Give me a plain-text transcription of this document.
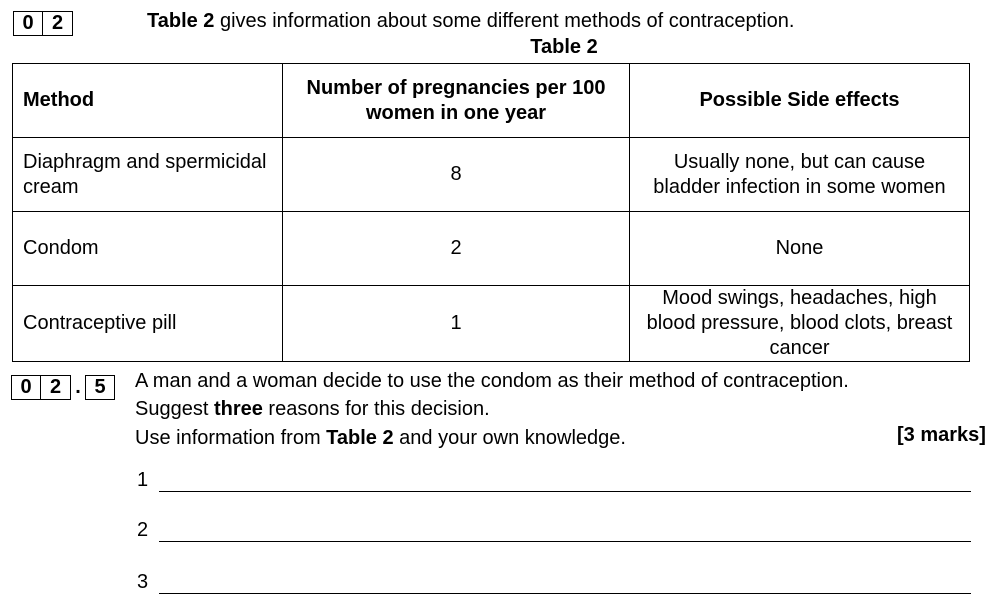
0 2	Table 2 gives information about some different methods of contraception.
Table 2
Method	Number of pregnancies per 100 women in one year	Possible Side effects
Diaphragm and spermicidal cream	8	Usually none, but can cause bladder infection in some women
Condom	2	None
Contraceptive pill	1	Mood swings, headaches, high blood pressure, blood clots, breast cancer
0 2 . 5	A man and a woman decide to use the condom as their method of contraception.
Suggest three reasons for this decision.
Use information from Table 2 and your own knowledge.	[3 marks]
1
2
3
